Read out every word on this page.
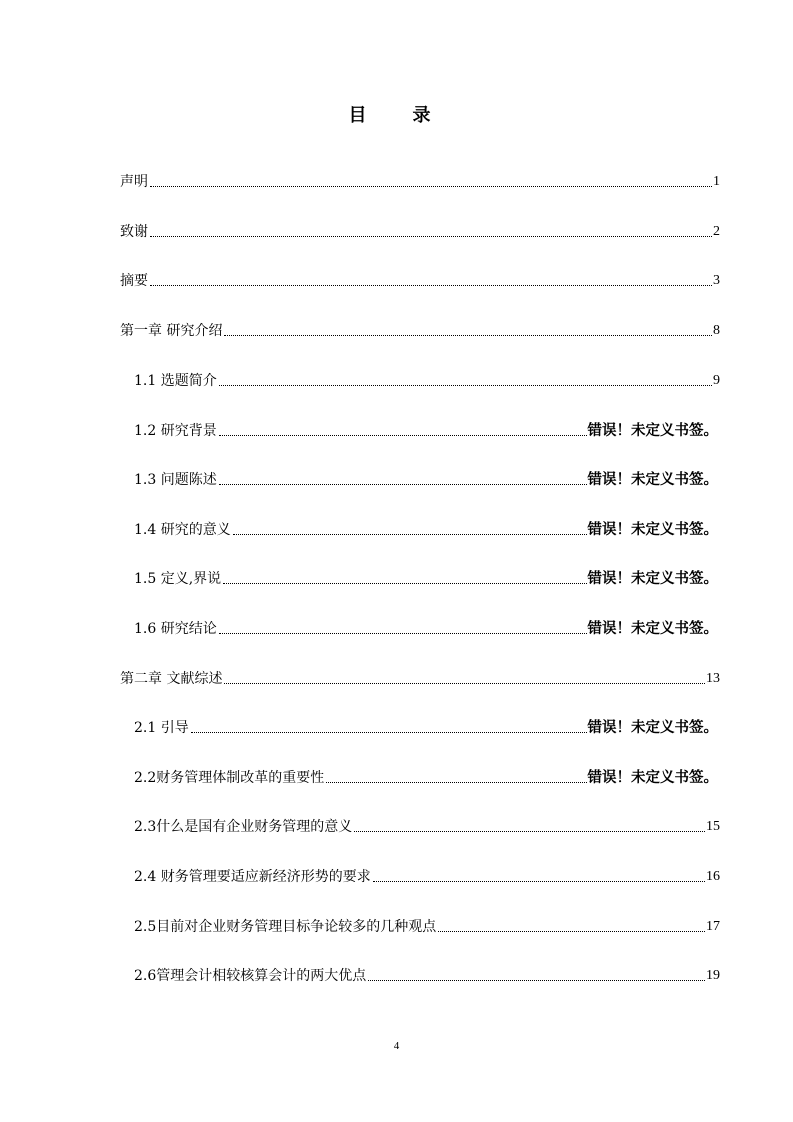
目　录
声明	1
致谢	2
摘要	3
第一章 研究介绍	8
1.1 选题简介	9
1.2 研究背景	错误！未定义书签。
1.3 问题陈述	错误！未定义书签。
1.4 研究的意义	错误！未定义书签。
1.5 定义,界说	错误！未定义书签。
1.6 研究结论	错误！未定义书签。
第二章 文献综述	13
2.1 引导	错误！未定义书签。
2.2财务管理体制改革的重要性	错误！未定义书签。
2.3什么是国有企业财务管理的意义	15
2.4 财务管理要适应新经济形势的要求	16
2.5目前对企业财务管理目标争论较多的几种观点	17
2.6管理会计相较核算会计的两大优点	19
4
